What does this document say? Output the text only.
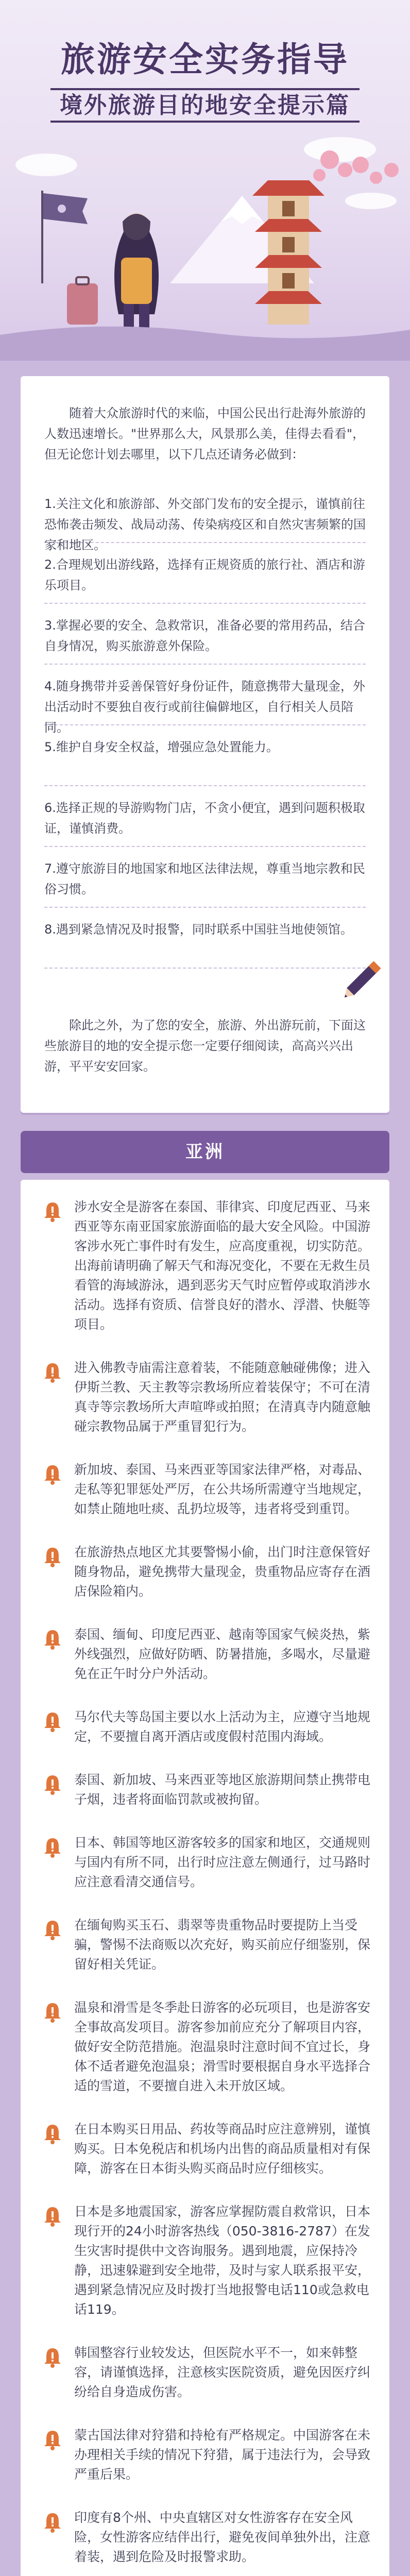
旅游安全实务指导
境外旅游目的地安全提示篇
随着大众旅游时代的来临，中国公民出行赴海外旅游的人数迅速增长。"世界那么大，风景那么美，佳得去看看"，但无论您计划去哪里，以下几点还请务必做到：
1.关注文化和旅游部、外交部门发布的安全提示，谨慎前往恐怖袭击频发、战局动荡、传染病疫区和自然灾害频繁的国家和地区。
2.合理规划出游线路，选择有正规资质的旅行社、酒店和游乐项目。
3.掌握必要的安全、急救常识，准备必要的常用药品，结合自身情况，购买旅游意外保险。
4.随身携带并妥善保管好身份证件，随意携带大量现金，外出活动时不要独自夜行或前往偏僻地区，自行相关人员陪同。
5.维护自身安全权益，增强应急处置能力。
6.选择正规的导游购物门店，不贪小便宜，遇到问题积极取证，谨慎消费。
7.遵守旅游目的地国家和地区法律法规，尊重当地宗教和民俗习惯。
8.遇到紧急情况及时报警，同时联系中国驻当地使领馆。
除此之外，为了您的安全，旅游、外出游玩前，下面这些旅游目的地的安全提示您一定要仔细阅读，高高兴兴出游，平平安安回家。
亚洲
涉水安全是游客在泰国、菲律宾、印度尼西亚、马来西亚等东南亚国家旅游面临的最大安全风险。中国游客涉水死亡事件时有发生，应高度重视，切实防范。出海前请明确了解天气和海况变化，不要在无救生员看管的海域游泳，遇到恶劣天气时应暂停或取消涉水活动。选择有资质、信誉良好的潜水、浮潜、快艇等项目。
进入佛教寺庙需注意着装，不能随意触碰佛像；进入伊斯兰教、天主教等宗教场所应着装保守；不可在清真寺等宗教场所大声喧哗或拍照；在清真寺内随意触碰宗教物品属于严重冒犯行为。
新加坡、泰国、马来西亚等国家法律严格，对毒品、走私等犯罪惩处严厉，在公共场所需遵守当地规定，如禁止随地吐痰、乱扔垃圾等，违者将受到重罚。
在旅游热点地区尤其要警惕小偷，出门时注意保管好随身物品，避免携带大量现金，贵重物品应寄存在酒店保险箱内。
泰国、缅甸、印度尼西亚、越南等国家气候炎热，紫外线强烈，应做好防晒、防暑措施，多喝水，尽量避免在正午时分户外活动。
马尔代夫等岛国主要以水上活动为主，应遵守当地规定，不要擅自离开酒店或度假村范围内海域。
泰国、新加坡、马来西亚等地区旅游期间禁止携带电子烟，违者将面临罚款或被拘留。
日本、韩国等地区游客较多的国家和地区，交通规则与国内有所不同，出行时应注意左侧通行，过马路时应注意看清交通信号。
在缅甸购买玉石、翡翠等贵重物品时要提防上当受骗，警惕不法商贩以次充好，购买前应仔细鉴别，保留好相关凭证。
温泉和滑雪是冬季赴日游客的必玩项目，也是游客安全事故高发项目。游客参加前应充分了解项目内容，做好安全防范措施。泡温泉时注意时间不宜过长，身体不适者避免泡温泉；滑雪时要根据自身水平选择合适的雪道，不要擅自进入未开放区域。
在日本购买日用品、药妆等商品时应注意辨别，谨慎购买。日本免税店和机场内出售的商品质量相对有保障，游客在日本街头购买商品时应仔细核实。
日本是多地震国家，游客应掌握防震自救常识，日本现行开的24小时游客热线（050-3816-2787）在发生灾害时提供中文咨询服务。遇到地震，应保持冷静，迅速躲避到安全地带，及时与家人联系报平安，遇到紧急情况应及时拨打当地报警电话110或急救电话119。
韩国整容行业较发达，但医院水平不一，如来韩整容，请谨慎选择，注意核实医院资质，避免因医疗纠纷给自身造成伤害。
蒙古国法律对狩猎和持枪有严格规定。中国游客在未办理相关手续的情况下狩猎，属于违法行为，会导致严重后果。
印度有8个州、中央直辖区对女性游客存在安全风险，女性游客应结伴出行，避免夜间单独外出，注意着装，遇到危险及时报警求助。
